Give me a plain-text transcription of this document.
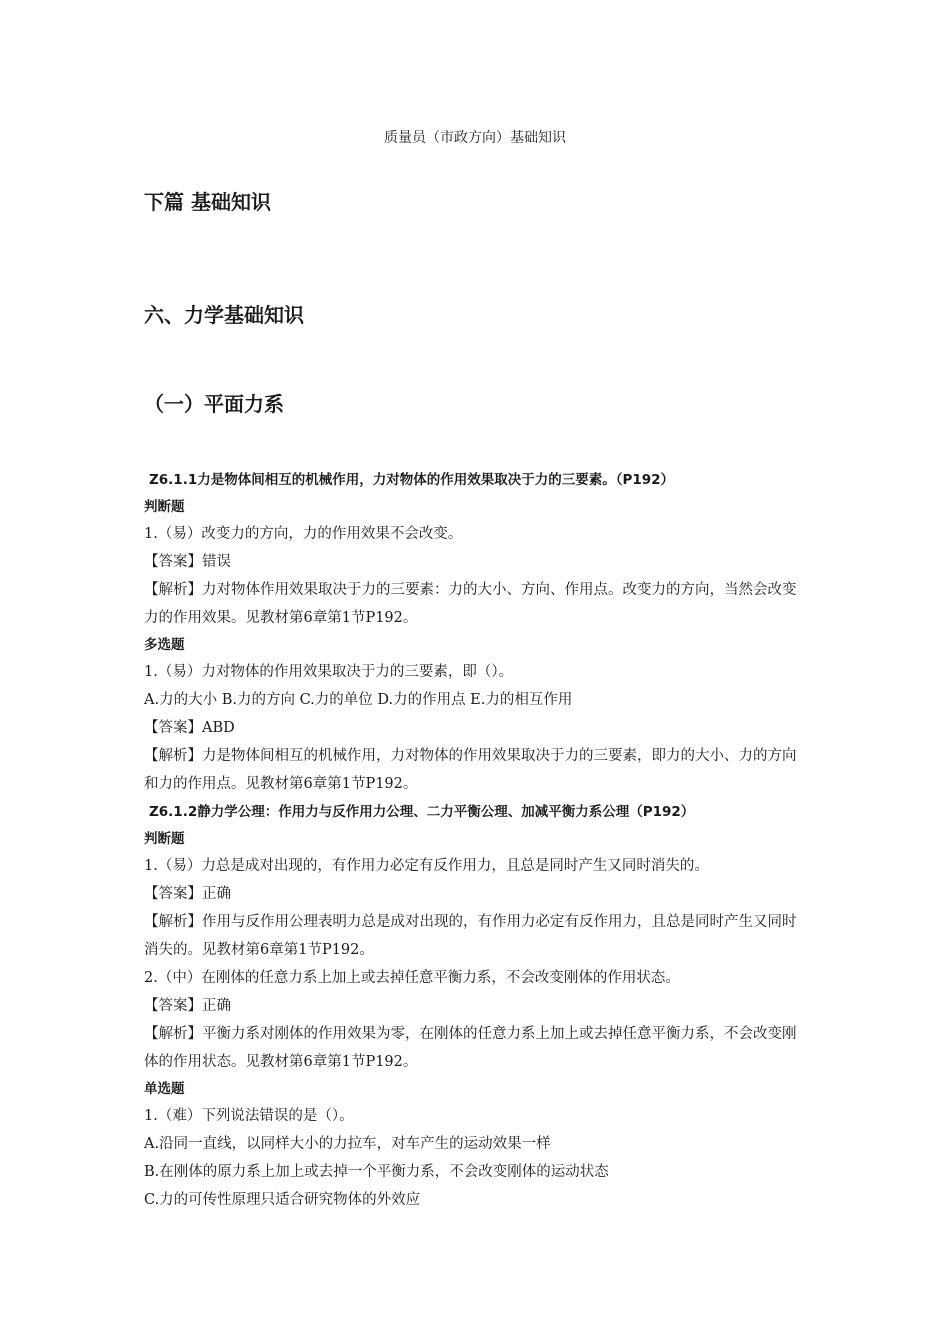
质量员（市政方向）基础知识
下篇 基础知识
六、力学基础知识
（一）平面力系
Z6.1.1力是物体间相互的机械作用，力对物体的作用效果取决于力的三要素。（P192）
判断题
1.（易）改变力的方向，力的作用效果不会改变。
【答案】错误
【解析】力对物体作用效果取决于力的三要素：力的大小、方向、作用点。改变力的方向，当然会改变力的作用效果。见教材第6章第1节P192。
多选题
1.（易）力对物体的作用效果取决于力的三要素，即（）。
A.力的大小 B.力的方向 C.力的单位 D.力的作用点 E.力的相互作用
【答案】ABD
【解析】力是物体间相互的机械作用，力对物体的作用效果取决于力的三要素，即力的大小、力的方向和力的作用点。见教材第6章第1节P192。
Z6.1.2静力学公理：作用力与反作用力公理、二力平衡公理、加减平衡力系公理（P192）
判断题
1.（易）力总是成对出现的，有作用力必定有反作用力，且总是同时产生又同时消失的。
【答案】正确
【解析】作用与反作用公理表明力总是成对出现的，有作用力必定有反作用力，且总是同时产生又同时消失的。见教材第6章第1节P192。
2.（中）在刚体的任意力系上加上或去掉任意平衡力系，不会改变刚体的作用状态。
【答案】正确
【解析】平衡力系对刚体的作用效果为零，在刚体的任意力系上加上或去掉任意平衡力系，不会改变刚体的作用状态。见教材第6章第1节P192。
单选题
1.（难）下列说法错误的是（）。
A.沿同一直线，以同样大小的力拉车，对车产生的运动效果一样
B.在刚体的原力系上加上或去掉一个平衡力系，不会改变刚体的运动状态
C.力的可传性原理只适合研究物体的外效应
